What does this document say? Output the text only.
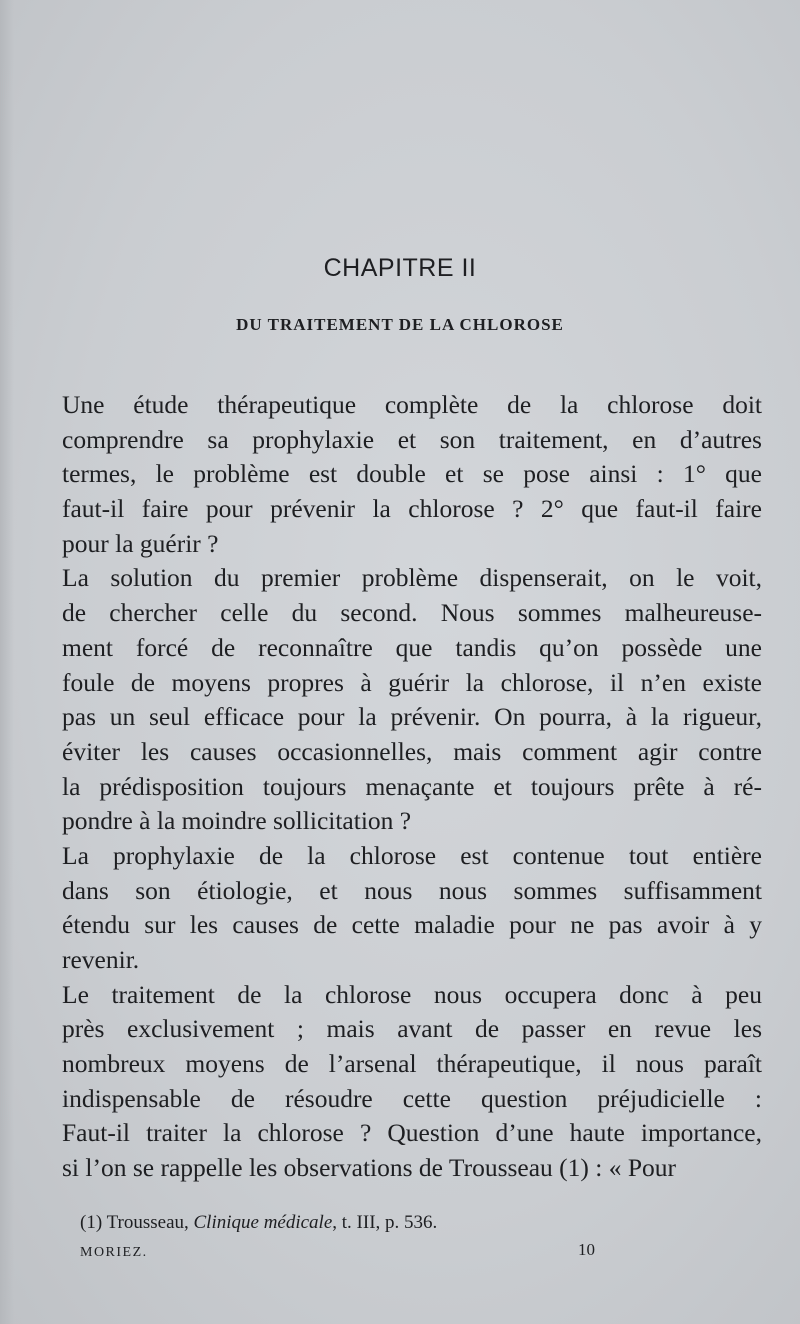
CHAPITRE II
DU TRAITEMENT DE LA CHLOROSE
Une étude thérapeutique complète de la chlorose doit
comprendre sa prophylaxie et son traitement, en d’autres
termes, le problème est double et se pose ainsi : 1° que
faut-il faire pour prévenir la chlorose ? 2° que faut-il faire
pour la guérir ?
La solution du premier problème dispenserait, on le voit,
de chercher celle du second. Nous sommes malheureuse-
ment forcé de reconnaître que tandis qu’on possède une
foule de moyens propres à guérir la chlorose, il n’en existe
pas un seul efficace pour la prévenir. On pourra, à la rigueur,
éviter les causes occasionnelles, mais comment agir contre
la prédisposition toujours menaçante et toujours prête à ré-
pondre à la moindre sollicitation ?
La prophylaxie de la chlorose est contenue tout entière
dans son étiologie, et nous nous sommes suffisamment
étendu sur les causes de cette maladie pour ne pas avoir à y
revenir.
Le traitement de la chlorose nous occupera donc à peu
près exclusivement ; mais avant de passer en revue les
nombreux moyens de l’arsenal thérapeutique, il nous paraît
indispensable de résoudre cette question préjudicielle :
Faut-il traiter la chlorose ? Question d’une haute importance,
si l’on se rappelle les observations de Trousseau (1) : « Pour

(1) Trousseau, Clinique médicale, t. III, p. 536.

MORIEZ.	10
